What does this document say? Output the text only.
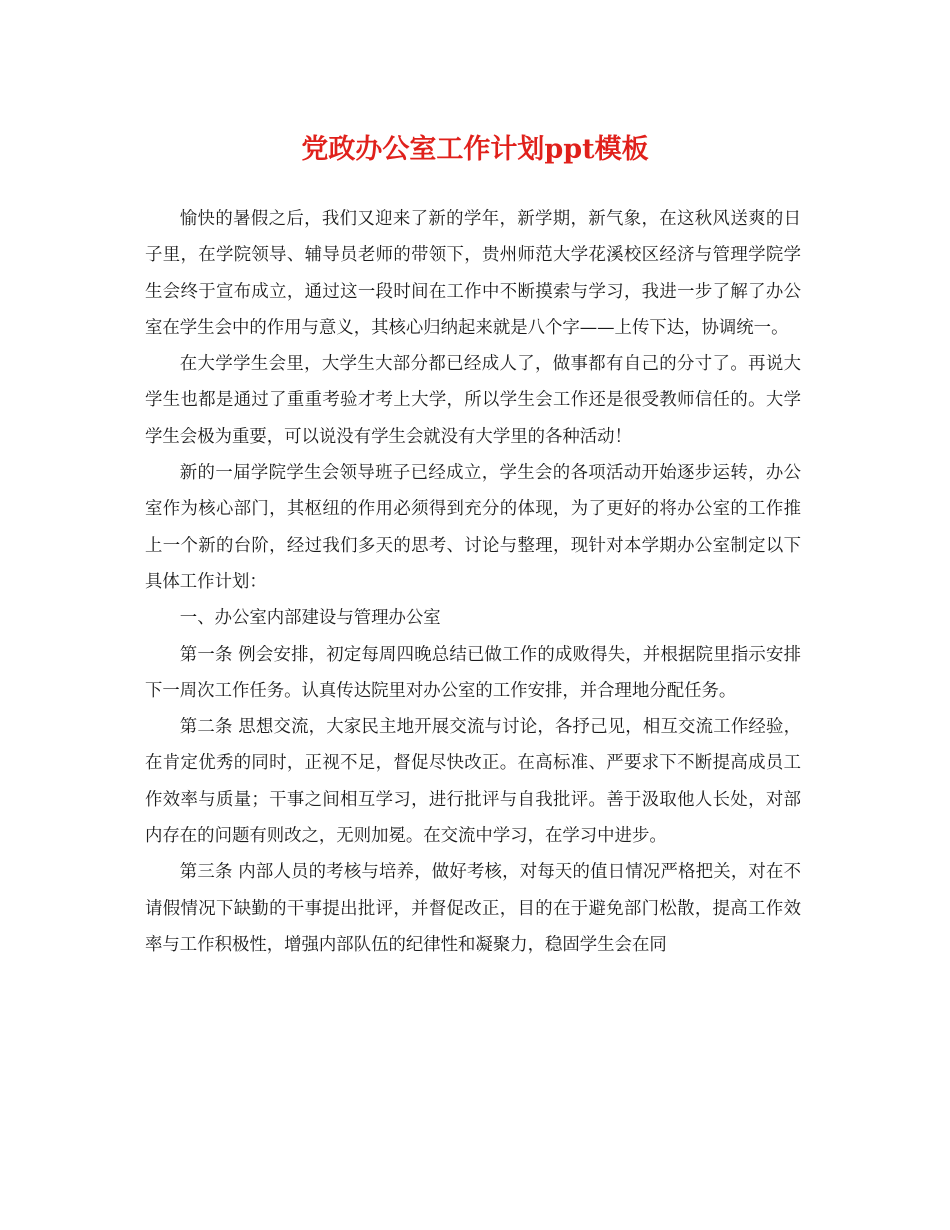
党政办公室工作计划ppt模板

愉快的暑假之后，我们又迎来了新的学年，新学期，新气象，在这秋风送爽的日子里，在学院领导、辅导员老师的带领下，贵州师范大学花溪校区经济与管理学院学生会终于宣布成立，通过这一段时间在工作中不断摸索与学习，我进一步了解了办公室在学生会中的作用与意义，其核心归纳起来就是八个字——上传下达，协调统一。

在大学学生会里，大学生大部分都已经成人了，做事都有自己的分寸了。再说大学生也都是通过了重重考验才考上大学，所以学生会工作还是很受教师信任的。大学学生会极为重要，可以说没有学生会就没有大学里的各种活动！

新的一届学院学生会领导班子已经成立，学生会的各项活动开始逐步运转，办公室作为核心部门，其枢纽的作用必须得到充分的体现，为了更好的将办公室的工作推上一个新的台阶，经过我们多天的思考、讨论与整理，现针对本学期办公室制定以下具体工作计划：

一、办公室内部建设与管理办公室

第一条 例会安排，初定每周四晚总结已做工作的成败得失，并根据院里指示安排下一周次工作任务。认真传达院里对办公室的工作安排，并合理地分配任务。

第二条 思想交流，大家民主地开展交流与讨论，各抒己见，相互交流工作经验，在肯定优秀的同时，正视不足，督促尽快改正。在高标准、严要求下不断提高成员工作效率与质量；干事之间相互学习，进行批评与自我批评。善于汲取他人长处，对部内存在的问题有则改之，无则加冕。在交流中学习，在学习中进步。

第三条 内部人员的考核与培养，做好考核，对每天的值日情况严格把关，对在不请假情况下缺勤的干事提出批评，并督促改正，目的在于避免部门松散，提高工作效率与工作积极性，增强内部队伍的纪律性和凝聚力，稳固学生会在同
